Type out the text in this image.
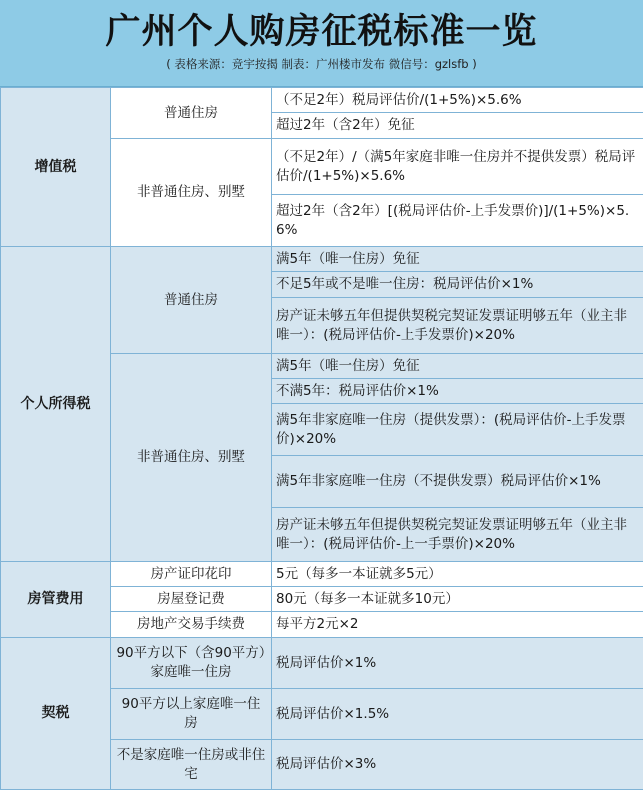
广州个人购房征税标准一览
( 表格来源：竞宇按揭 制表：广州楼市发布 微信号：gzlsfb )
增值税	普通住房	（不足2年）税局评估价/(1+5%)×5.6%
		超过2年（含2年）免征
	非普通住房、别墅	（不足2年）/（满5年家庭非唯一住房并不提供发票）税局评估价/(1+5%)×5.6%
		超过2年（含2年）[(税局评估价-上手发票价)]/(1+5%)×5.6%
个人所得税	普通住房	满5年（唯一住房）免征
		不足5年或不是唯一住房：税局评估价×1%
		房产证未够五年但提供契税完契证发票证明够五年（业主非唯一）：(税局评估价-上手发票价)×20%
	非普通住房、别墅	满5年（唯一住房）免征
		不满5年：税局评估价×1%
		满5年非家庭唯一住房（提供发票）：(税局评估价-上手发票价)×20%
		满5年非家庭唯一住房（不提供发票）税局评估价×1%
		房产证未够五年但提供契税完契证发票证明够五年（业主非唯一）：(税局评估价-上一手票价)×20%
房管费用	房产证印花印	5元（每多一本证就多5元）
	房屋登记费	80元（每多一本证就多10元）
	房地产交易手续费	每平方2元×2
契税	90平方以下（含90平方）家庭唯一住房	税局评估价×1%
	90平方以上家庭唯一住房	税局评估价×1.5%
	不是家庭唯一住房或非住宅	税局评估价×3%
